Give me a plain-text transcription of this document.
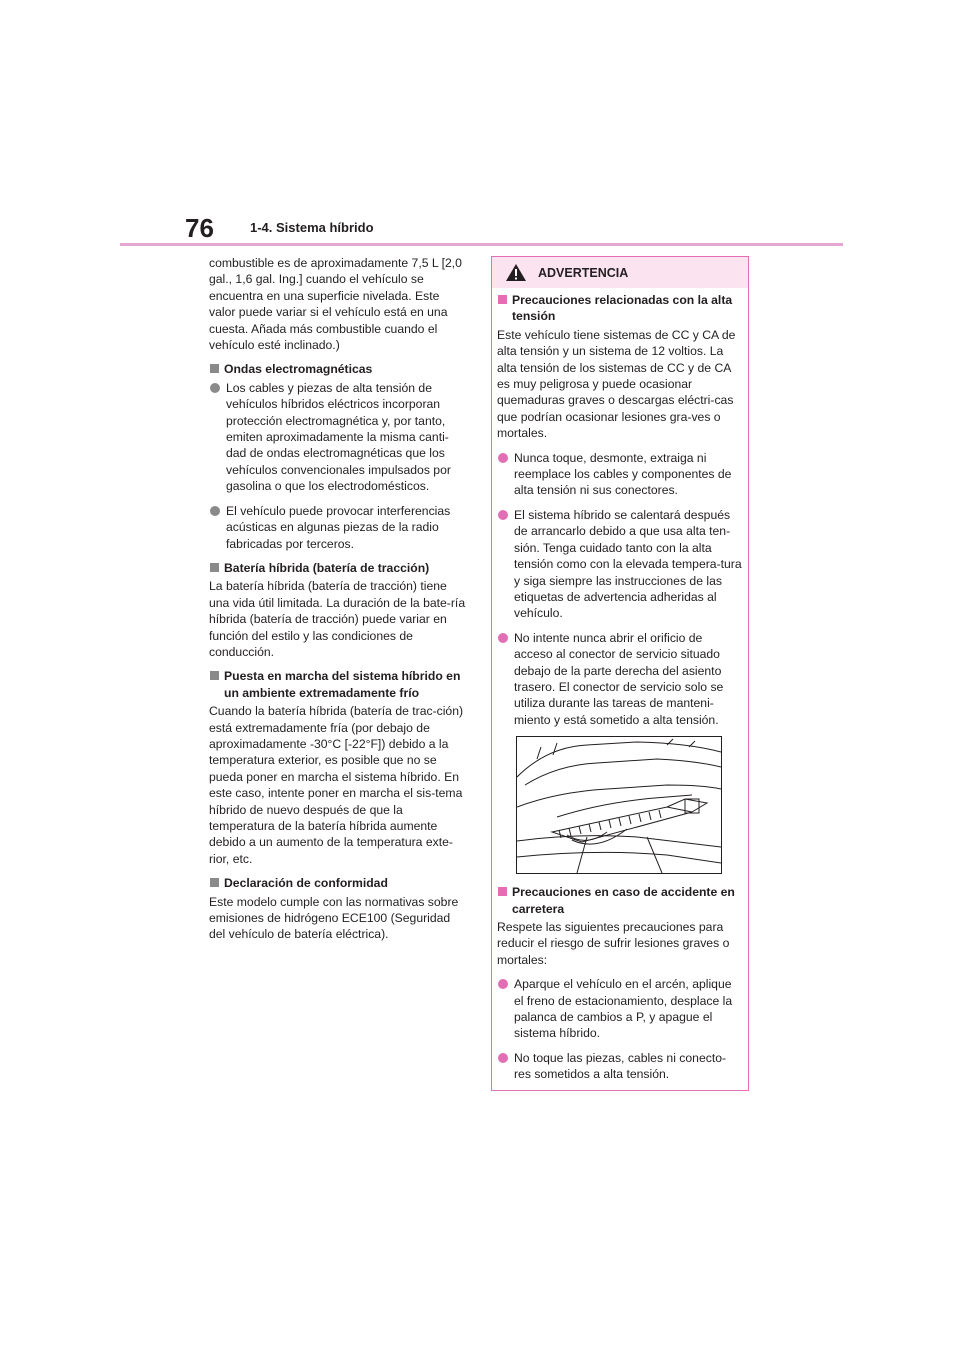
76	1-4. Sistema híbrido

combustible es de aproximadamente 7,5 L [2,0 gal., 1,6 gal. Ing.] cuando el vehículo se encuentra en una superficie nivelada. Este valor puede variar si el vehículo está en una cuesta. Añada más combustible cuando el vehículo esté inclinado.)

Ondas electromagnéticas
Los cables y piezas de alta tensión de vehículos híbridos eléctricos incorporan protección electromagnética y, por tanto, emiten aproximadamente la misma canti-dad de ondas electromagnéticas que los vehículos convencionales impulsados por gasolina o que los electrodomésticos.
El vehículo puede provocar interferencias acústicas en algunas piezas de la radio fabricadas por terceros.
Batería híbrida (batería de tracción)

La batería híbrida (batería de tracción) tiene una vida útil limitada. La duración de la bate-ría híbrida (batería de tracción) puede variar en función del estilo y las condiciones de conducción.

Puesta en marcha del sistema híbrido en un ambiente extremadamente frío

Cuando la batería híbrida (batería de trac-ción) está extremadamente fría (por debajo de aproximadamente -30°C [-22°F]) debido a la temperatura exterior, es posible que no se pueda poner en marcha el sistema híbrido. En este caso, intente poner en marcha el sis-tema híbrido de nuevo después de que la temperatura de la batería híbrida aumente debido a un aumento de la temperatura exte-rior, etc.

Declaración de conformidad

Este modelo cumple con las normativas sobre emisiones de hidrógeno ECE100 (Seguridad del vehículo de batería eléctrica).

ADVERTENCIA
Precauciones relacionadas con la alta tensión

Este vehículo tiene sistemas de CC y CA de alta tensión y un sistema de 12 voltios. La alta tensión de los sistemas de CC y de CA es muy peligrosa y puede ocasionar quemaduras graves o descargas eléctri-cas que podrían ocasionar lesiones gra-ves o mortales.

Nunca toque, desmonte, extraiga ni reemplace los cables y componentes de alta tensión ni sus conectores.
El sistema híbrido se calentará después de arrancarlo debido a que usa alta ten-sión. Tenga cuidado tanto con la alta tensión como con la elevada tempera-tura y siga siempre las instrucciones de las etiquetas de advertencia adheridas al vehículo.
No intente nunca abrir el orificio de acceso al conector de servicio situado debajo de la parte derecha del asiento trasero. El conector de servicio solo se utiliza durante las tareas de manteni-miento y está sometido a alta tensión.
Precauciones en caso de accidente en carretera

Respete las siguientes precauciones para reducir el riesgo de sufrir lesiones graves o mortales:

Aparque el vehículo en el arcén, aplique el freno de estacionamiento, desplace la palanca de cambios a P, y apague el sistema híbrido.
No toque las piezas, cables ni conecto-res sometidos a alta tensión.
